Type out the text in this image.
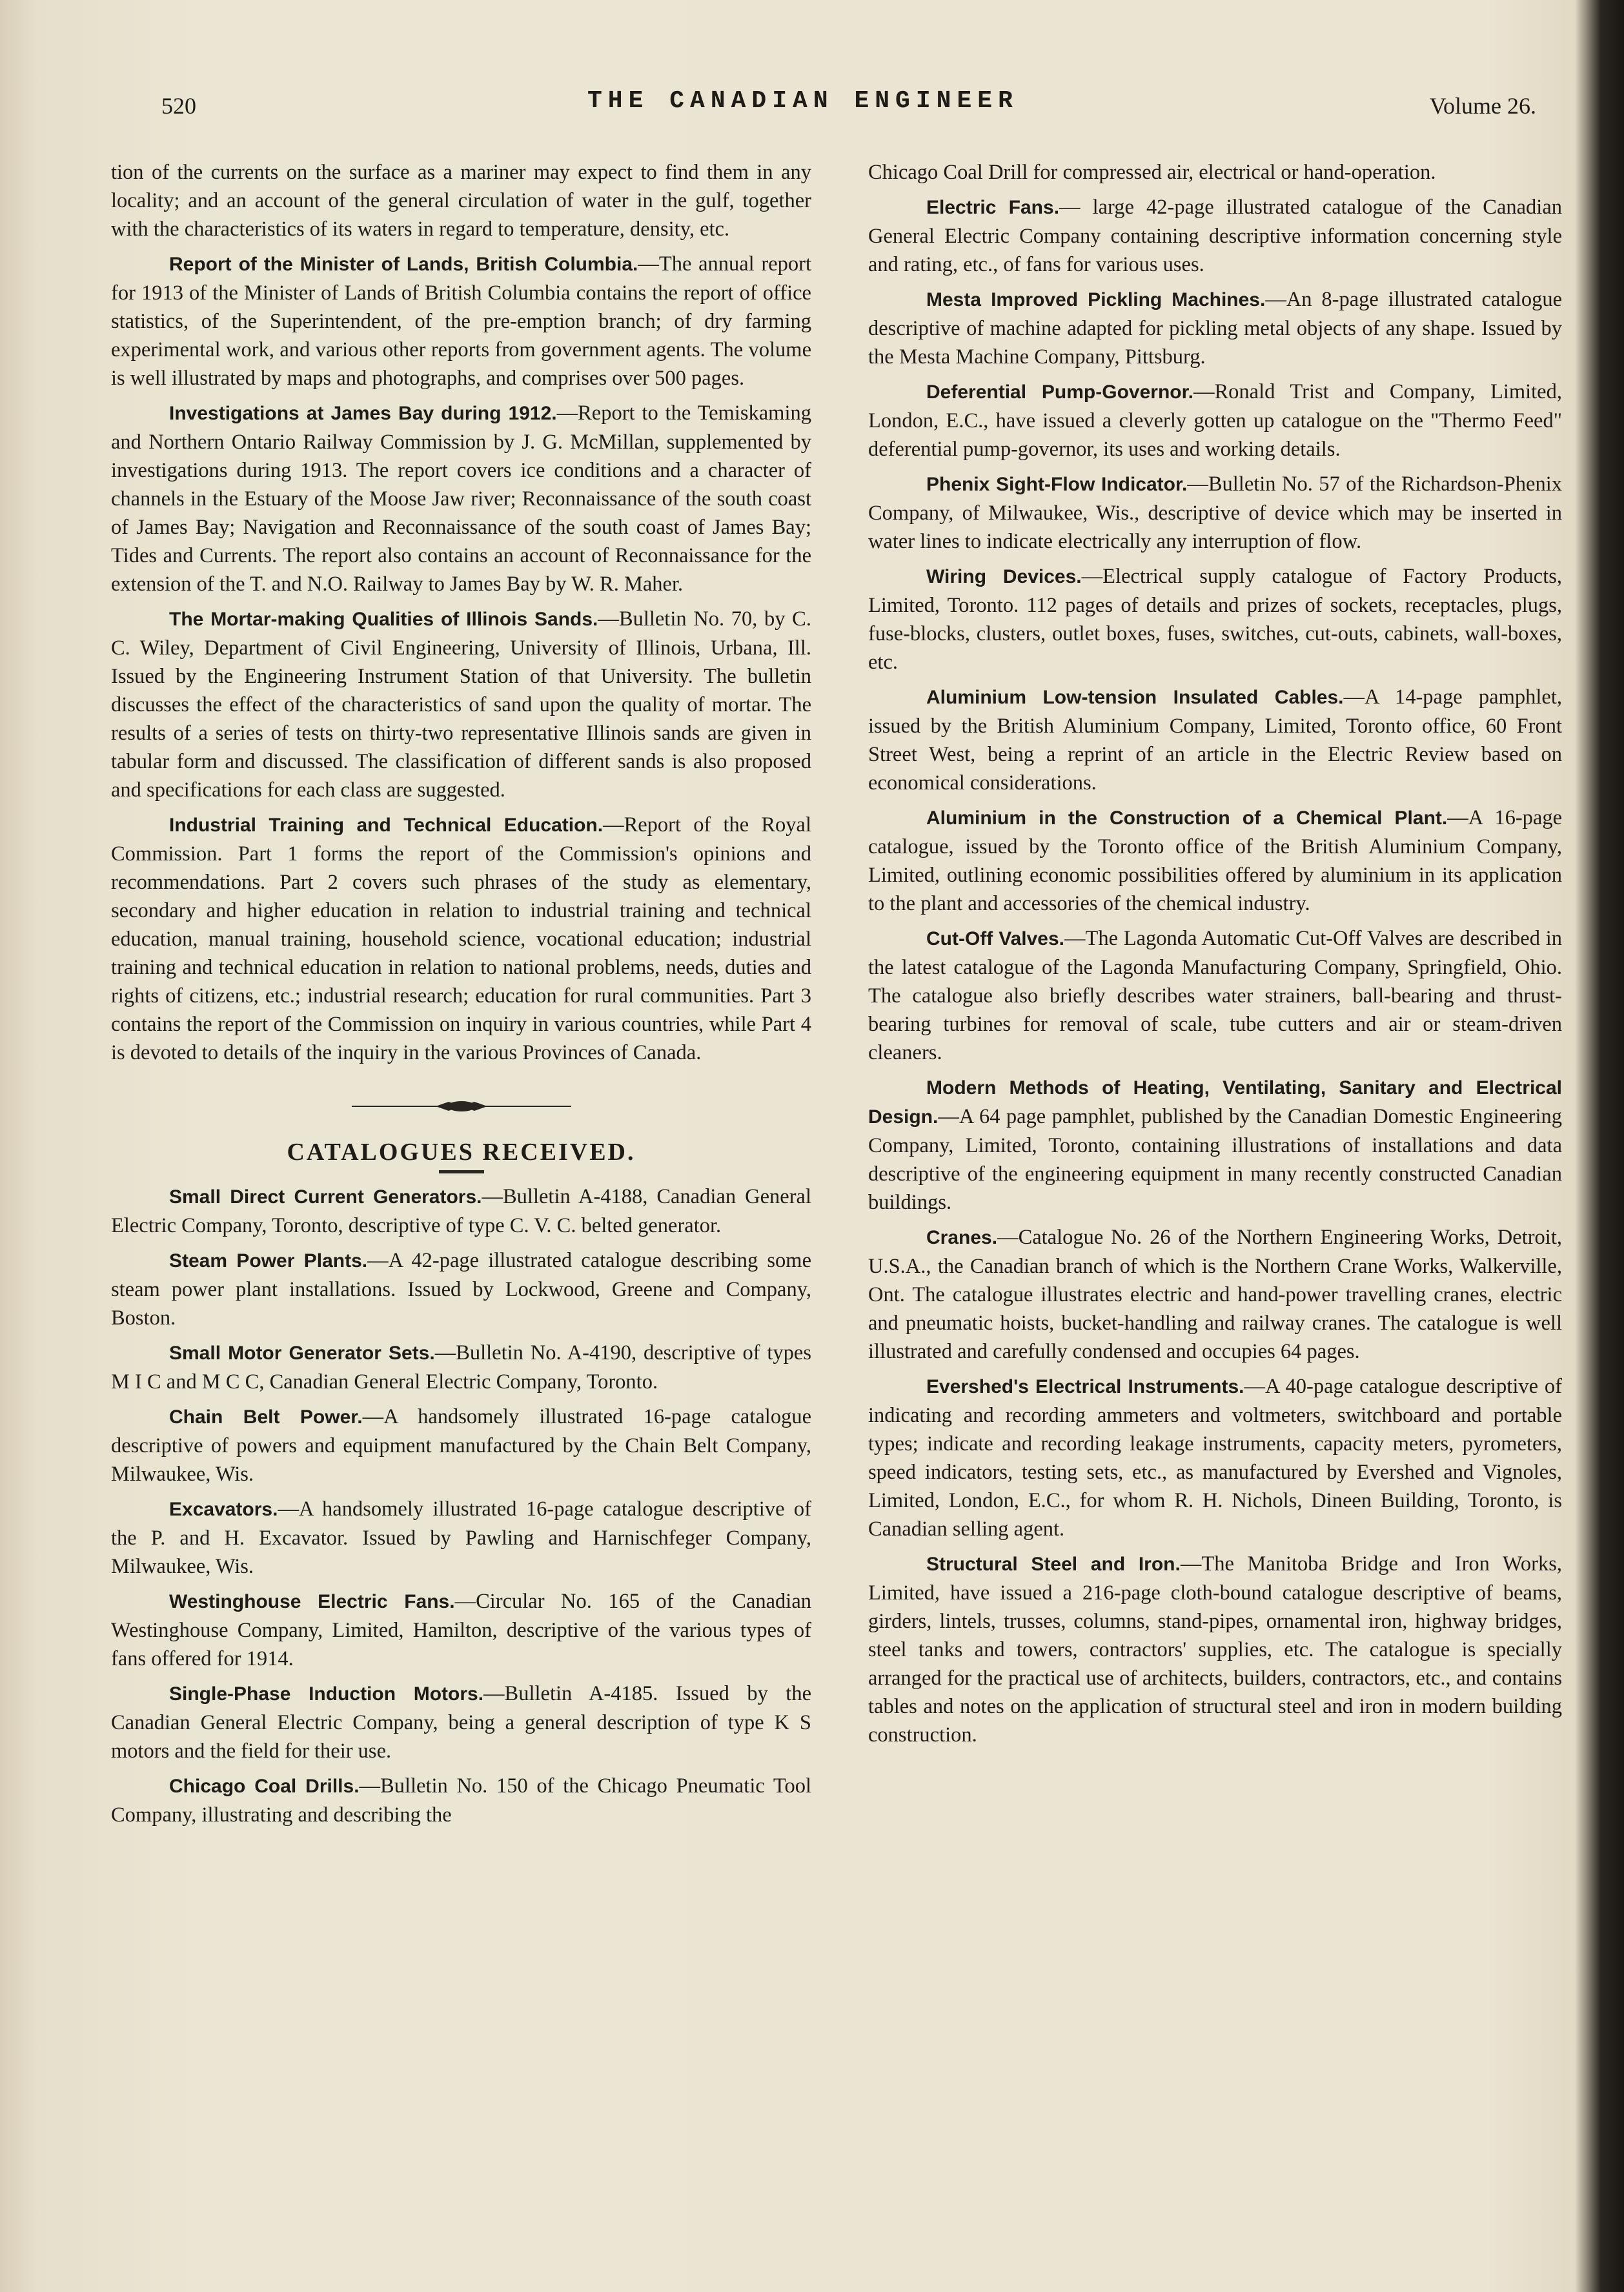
520	THE CANADIAN ENGINEER	Volume 26.

tion of the currents on the surface as a mariner may expect to find them in any locality; and an account of the general circulation of water in the gulf, together with the characteristics of its waters in regard to temperature, density, etc.

Report of the Minister of Lands, British Columbia.—The annual report for 1913 of the Minister of Lands of British Columbia contains the report of office statistics, of the Superintendent, of the pre-emption branch; of dry farming experimental work, and various other reports from government agents. The volume is well illustrated by maps and photographs, and comprises over 500 pages.

Investigations at James Bay during 1912.—Report to the Temiskaming and Northern Ontario Railway Commission by J. G. McMillan, supplemented by investigations during 1913. The report covers ice conditions and a character of channels in the Estuary of the Moose Jaw river; Reconnaissance of the south coast of James Bay; Navigation and Reconnaissance of the south coast of James Bay; Tides and Currents. The report also contains an account of Reconnaissance for the extension of the T. and N.O. Railway to James Bay by W. R. Maher.

The Mortar-making Qualities of Illinois Sands.—Bulletin No. 70, by C. C. Wiley, Department of Civil Engineering, University of Illinois, Urbana, Ill. Issued by the Engineering Instrument Station of that University. The bulletin discusses the effect of the characteristics of sand upon the quality of mortar. The results of a series of tests on thirty-two representative Illinois sands are given in tabular form and discussed. The classification of different sands is also proposed and specifications for each class are suggested.

Industrial Training and Technical Education.—Report of the Royal Commission. Part 1 forms the report of the Commission's opinions and recommendations. Part 2 covers such phrases of the study as elementary, secondary and higher education in relation to industrial training and technical education, manual training, household science, vocational education; industrial training and technical education in relation to national problems, needs, duties and rights of citizens, etc.; industrial research; education for rural communities. Part 3 contains the report of the Commission on inquiry in various countries, while Part 4 is devoted to details of the inquiry in the various Provinces of Canada.

CATALOGUES RECEIVED.

Small Direct Current Generators.—Bulletin A-4188, Canadian General Electric Company, Toronto, descriptive of type C. V. C. belted generator.

Steam Power Plants.—A 42-page illustrated catalogue describing some steam power plant installations. Issued by Lockwood, Greene and Company, Boston.

Small Motor Generator Sets.—Bulletin No. A-4190, descriptive of types M I C and M C C, Canadian General Electric Company, Toronto.

Chain Belt Power.—A handsomely illustrated 16-page catalogue descriptive of powers and equipment manufactured by the Chain Belt Company, Milwaukee, Wis.

Excavators.—A handsomely illustrated 16-page catalogue descriptive of the P. and H. Excavator. Issued by Pawling and Harnischfeger Company, Milwaukee, Wis.

Westinghouse Electric Fans.—Circular No. 165 of the Canadian Westinghouse Company, Limited, Hamilton, descriptive of the various types of fans offered for 1914.

Single-Phase Induction Motors.—Bulletin A-4185. Issued by the Canadian General Electric Company, being a general description of type K S motors and the field for their use.

Chicago Coal Drills.—Bulletin No. 150 of the Chicago Pneumatic Tool Company, illustrating and describing the

Chicago Coal Drill for compressed air, electrical or hand-operation.

Electric Fans.— large 42-page illustrated catalogue of the Canadian General Electric Company containing descriptive information concerning style and rating, etc., of fans for various uses.

Mesta Improved Pickling Machines.—An 8-page illustrated catalogue descriptive of machine adapted for pickling metal objects of any shape. Issued by the Mesta Machine Company, Pittsburg.

Deferential Pump-Governor.—Ronald Trist and Company, Limited, London, E.C., have issued a cleverly gotten up catalogue on the "Thermo Feed" deferential pump-governor, its uses and working details.

Phenix Sight-Flow Indicator.—Bulletin No. 57 of the Richardson-Phenix Company, of Milwaukee, Wis., descriptive of device which may be inserted in water lines to indicate electrically any interruption of flow.

Wiring Devices.—Electrical supply catalogue of Factory Products, Limited, Toronto. 112 pages of details and prizes of sockets, receptacles, plugs, fuse-blocks, clusters, outlet boxes, fuses, switches, cut-outs, cabinets, wall-boxes, etc.

Aluminium Low-tension Insulated Cables.—A 14-page pamphlet, issued by the British Aluminium Company, Limited, Toronto office, 60 Front Street West, being a reprint of an article in the Electric Review based on economical considerations.

Aluminium in the Construction of a Chemical Plant.—A 16-page catalogue, issued by the Toronto office of the British Aluminium Company, Limited, outlining economic possibilities offered by aluminium in its application to the plant and accessories of the chemical industry.

Cut-Off Valves.—The Lagonda Automatic Cut-Off Valves are described in the latest catalogue of the Lagonda Manufacturing Company, Springfield, Ohio. The catalogue also briefly describes water strainers, ball-bearing and thrust-bearing turbines for removal of scale, tube cutters and air or steam-driven cleaners.

Modern Methods of Heating, Ventilating, Sanitary and Electrical Design.—A 64 page pamphlet, published by the Canadian Domestic Engineering Company, Limited, Toronto, containing illustrations of installations and data descriptive of the engineering equipment in many recently constructed Canadian buildings.

Cranes.—Catalogue No. 26 of the Northern Engineering Works, Detroit, U.S.A., the Canadian branch of which is the Northern Crane Works, Walkerville, Ont. The catalogue illustrates electric and hand-power travelling cranes, electric and pneumatic hoists, bucket-handling and railway cranes. The catalogue is well illustrated and carefully condensed and occupies 64 pages.

Evershed's Electrical Instruments.—A 40-page catalogue descriptive of indicating and recording ammeters and voltmeters, switchboard and portable types; indicate and recording leakage instruments, capacity meters, pyrometers, speed indicators, testing sets, etc., as manufactured by Evershed and Vignoles, Limited, London, E.C., for whom R. H. Nichols, Dineen Building, Toronto, is Canadian selling agent.

Structural Steel and Iron.—The Manitoba Bridge and Iron Works, Limited, have issued a 216-page cloth-bound catalogue descriptive of beams, girders, lintels, trusses, columns, stand-pipes, ornamental iron, highway bridges, steel tanks and towers, contractors' supplies, etc. The catalogue is specially arranged for the practical use of architects, builders, contractors, etc., and contains tables and notes on the application of structural steel and iron in modern building construction.
